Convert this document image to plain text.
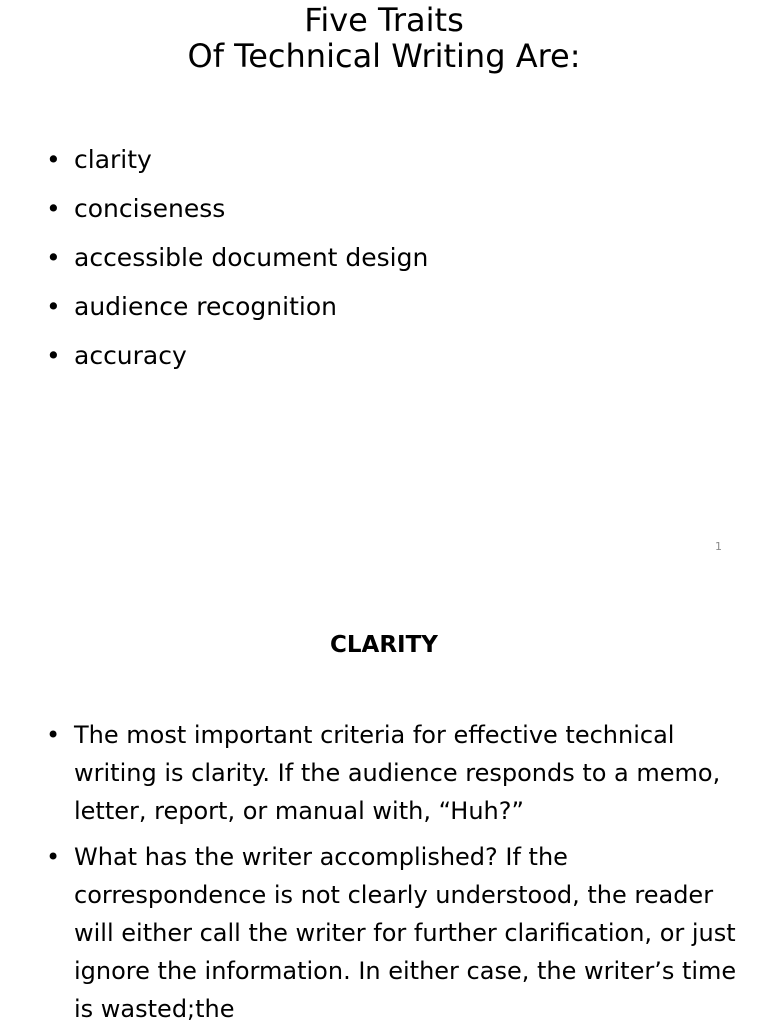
Five Traits
Of Technical Writing Are:
• clarity
• conciseness
• accessible document design
• audience recognition
• accuracy
1
CLARITY
• The most important criteria for effective technical writing is clarity. If the audience responds to a memo, letter, report, or manual with, “Huh?”
• What has the writer accomplished? If the correspondence is not clearly understood, the reader will either call the writer for further clarification, or just ignore the information. In either case, the writer’s time is wasted;the
